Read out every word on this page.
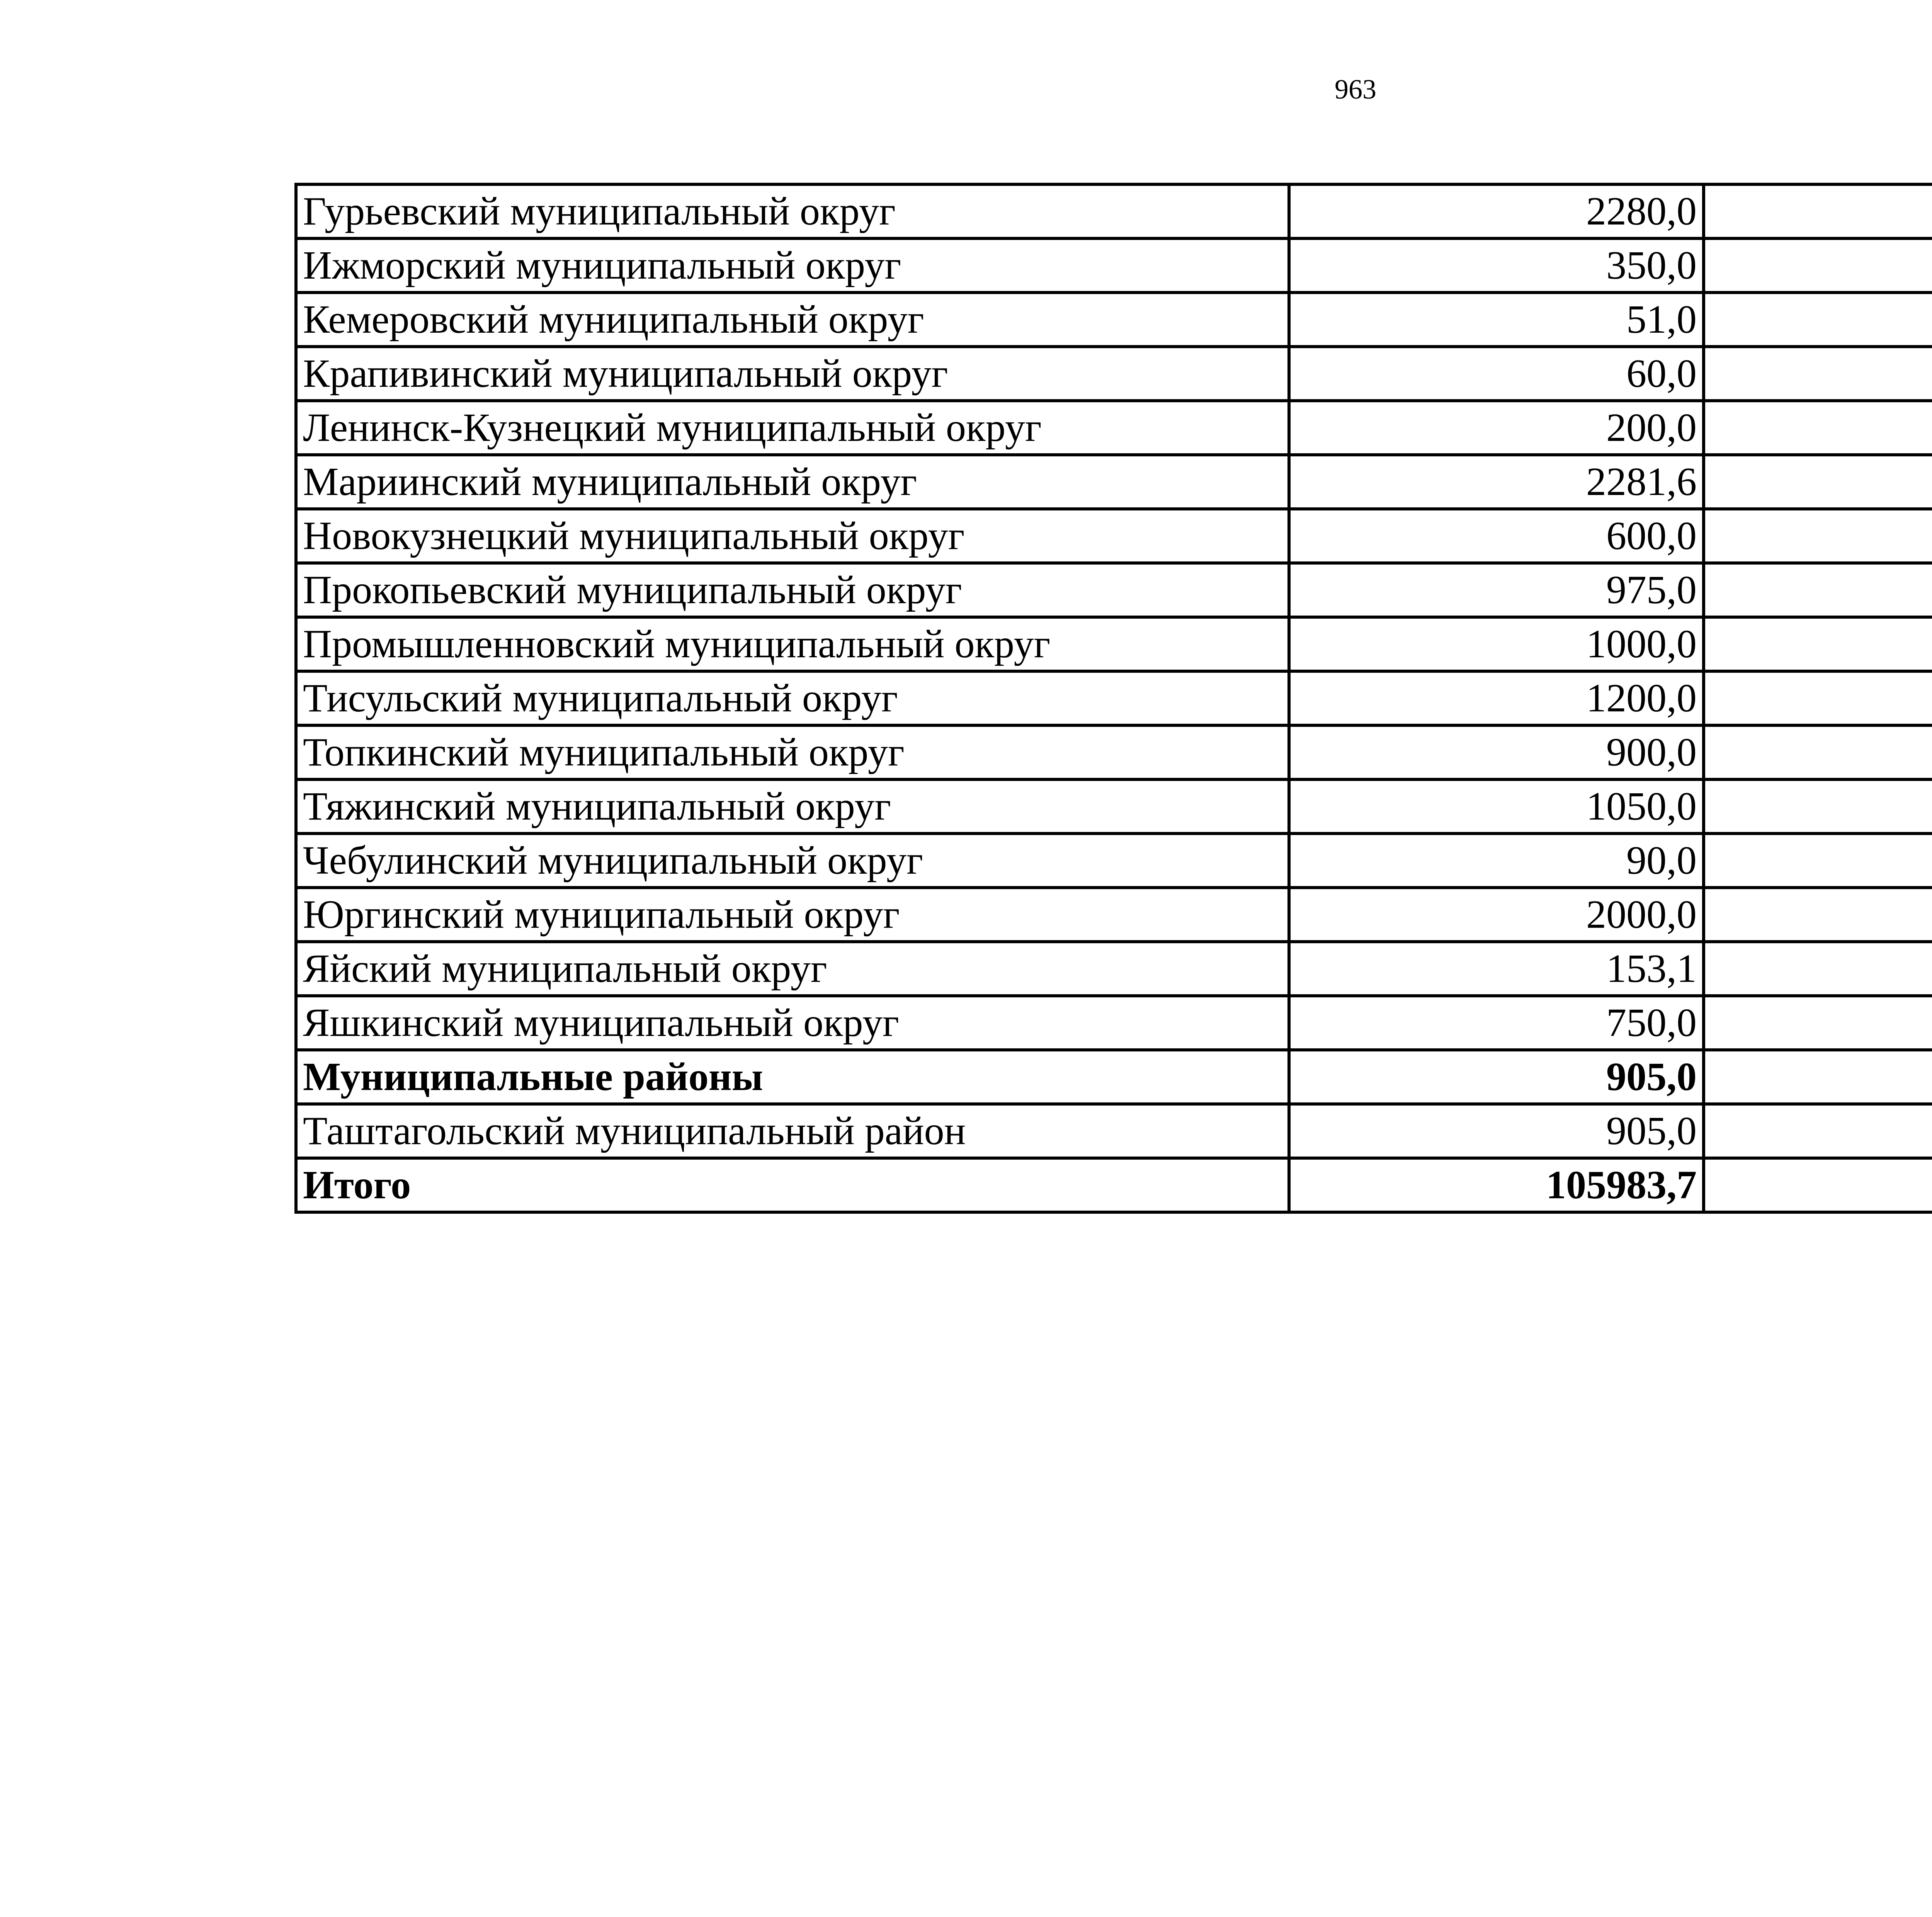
963
Гурьевский муниципальный округ	2280,0		
Ижморский муниципальный округ	350,0		
Кемеровский муниципальный округ	51,0		
Крапивинский муниципальный округ	60,0		
Ленинск-Кузнецкий муниципальный округ	200,0		
Мариинский муниципальный округ	2281,6		
Новокузнецкий муниципальный округ	600,0		
Прокопьевский муниципальный округ	975,0		
Промышленновский муниципальный округ	1000,0		
Тисульский муниципальный округ	1200,0		
Топкинский муниципальный округ	900,0		
Тяжинский муниципальный округ	1050,0		
Чебулинский муниципальный округ	90,0		
Юргинский муниципальный округ	2000,0		
Яйский муниципальный округ	153,1		
Яшкинский муниципальный округ	750,0		
Муниципальные районы	905,0		
Таштагольский муниципальный район	905,0		
Итого	105983,7		
